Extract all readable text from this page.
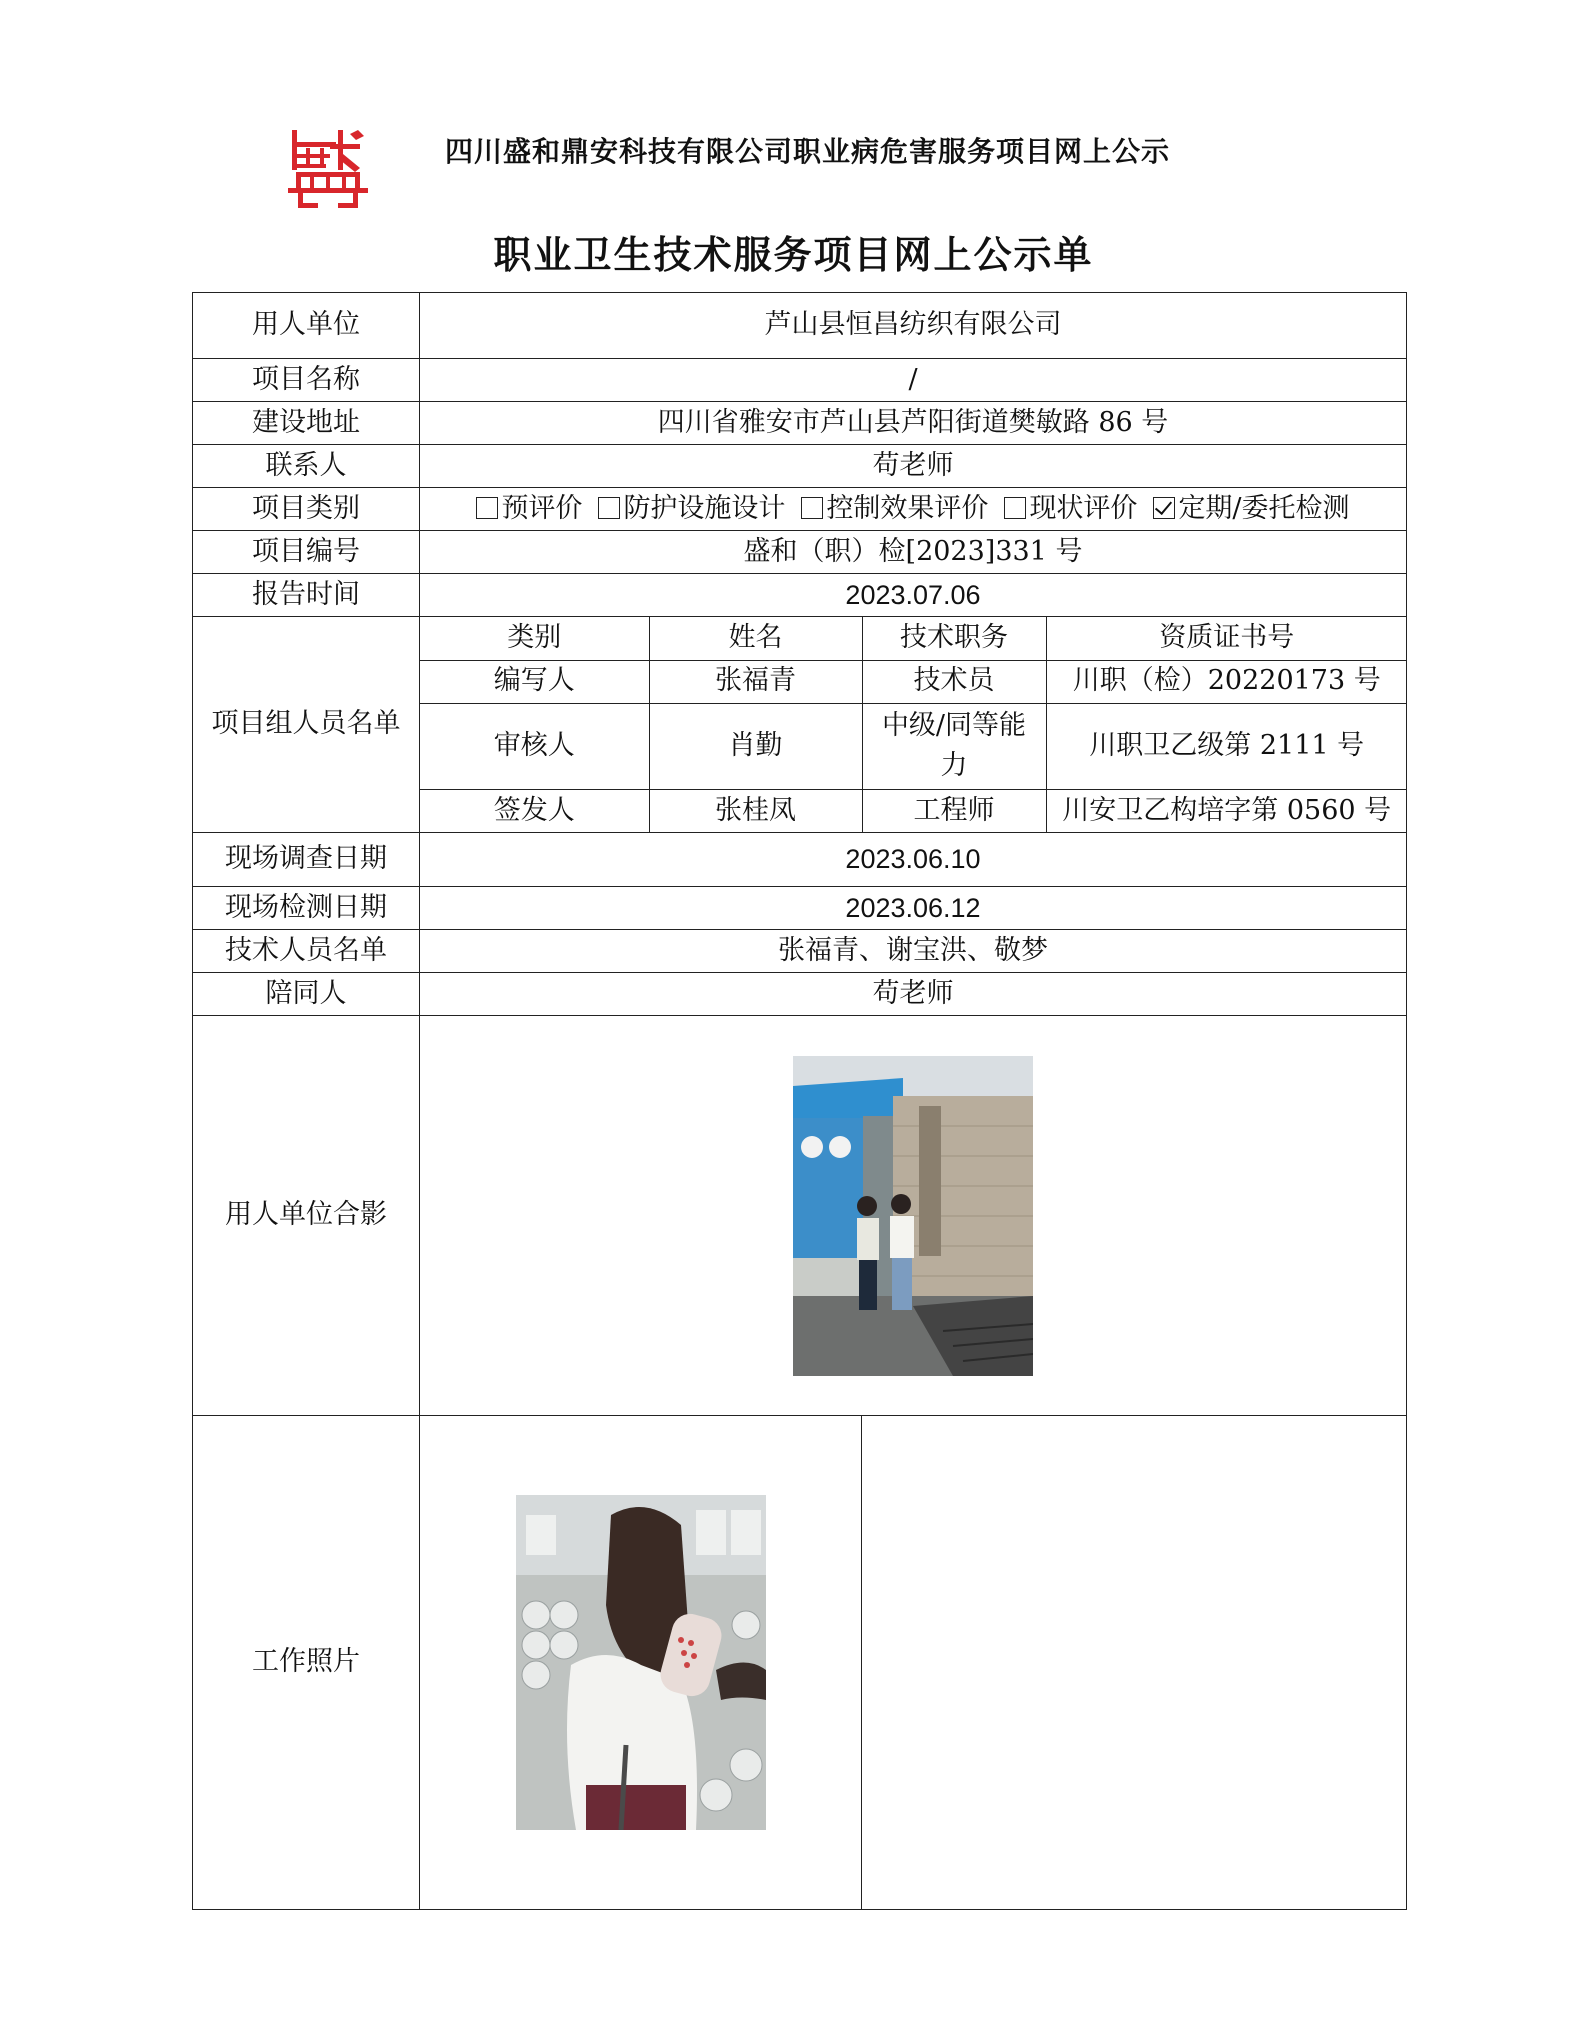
盛
四川盛和鼎安科技有限公司职业病危害服务项目网上公示
职业卫生技术服务项目网上公示单
用人单位	芦山县恒昌纺织有限公司
项目名称	/
建设地址	四川省雅安市芦山县芦阳街道樊敏路 86 号
联系人	苟老师
项目类别	预评价 防护设施设计 控制效果评价 现状评价 定期/委托检测
项目编号	盛和（职）检[2023]331 号
报告时间	2023.07.06
项目组人员名单	
类别	姓名	技术职务	资质证书号
编写人	张福青	技术员	川职（检）20220173 号
审核人	肖勤	中级/同等能力	川职卫乙级第 2111 号
签发人	张桂凤	工程师	川安卫乙构培字第 0560 号

现场调查日期	2023.06.10
现场检测日期	2023.06.12
技术人员名单	张福青、谢宝洪、敬梦
陪同人	苟老师
用人单位合影	

工作照片	
